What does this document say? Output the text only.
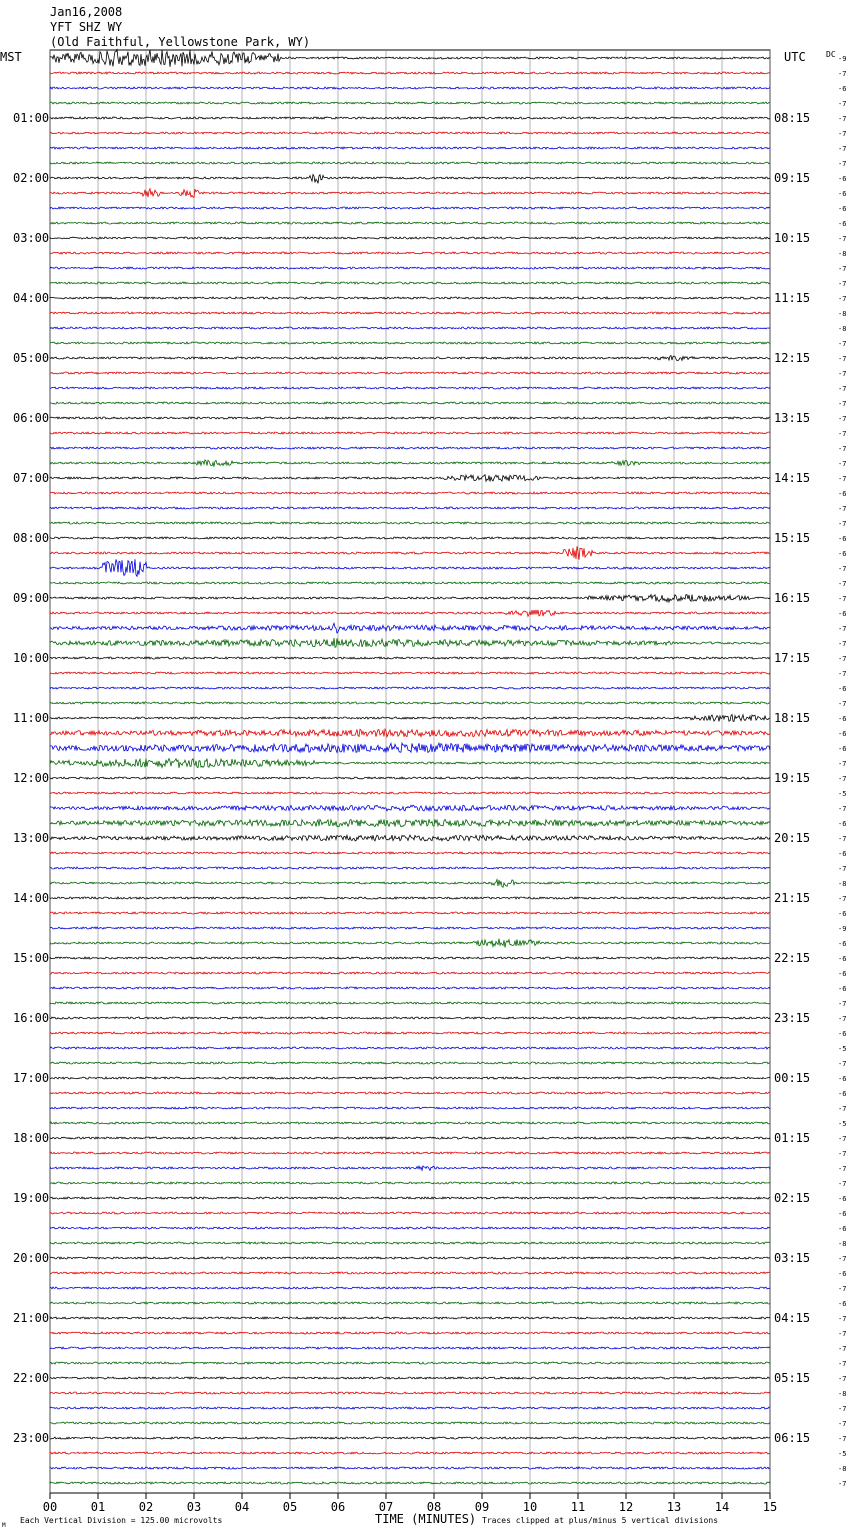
Jan16,2008
YFT SHZ WY
(Old Faithful, Yellowstone Park, WY)
MST	UTC	DC
00	01	02	03	04	05	06	07	08	09	10	11	12	13	14	15
-9
-7
-6
-7
-7
01:00	08:15
-7
-7
-7
-6
02:00	09:15
-6
-6
-6
-7
03:00	10:15
-8
-7
-7
-7
04:00	11:15
-8
-8
-7
-7
05:00	12:15
-7
-7
-7
-7
06:00	13:15
-7
-7
-7
-7
07:00	14:15
-6
-7
-7
-6
08:00	15:15
-6
-7
-7
-7
09:00	16:15
-6
-7
-7
-7
10:00	17:15
-7
-6
-7
-6
11:00	18:15
-6
-6
-7
-7
12:00	19:15
-5
-7
-6
-7
13:00	20:15
-6
-7
-8
-7
14:00	21:15
-6
-9
-6
-6
15:00	22:15
-6
-6
-7
-7
16:00	23:15
-6
-5
-7
-6
17:00	00:15
-6
-7
-5
-7
18:00	01:15
-7
-7
-7
-6
19:00	02:15
-6
-6
-8
-7
20:00	03:15
-6
-7
-6
-7
21:00	04:15
-7
-7
-7
-7
22:00	05:15
-8
-7
-7
-7
23:00	06:15
-5
-8
-7
TIME (MINUTES)
Each Vertical Division = 125.00 microvolts	Traces clipped at plus/minus 5 vertical divisions
M
